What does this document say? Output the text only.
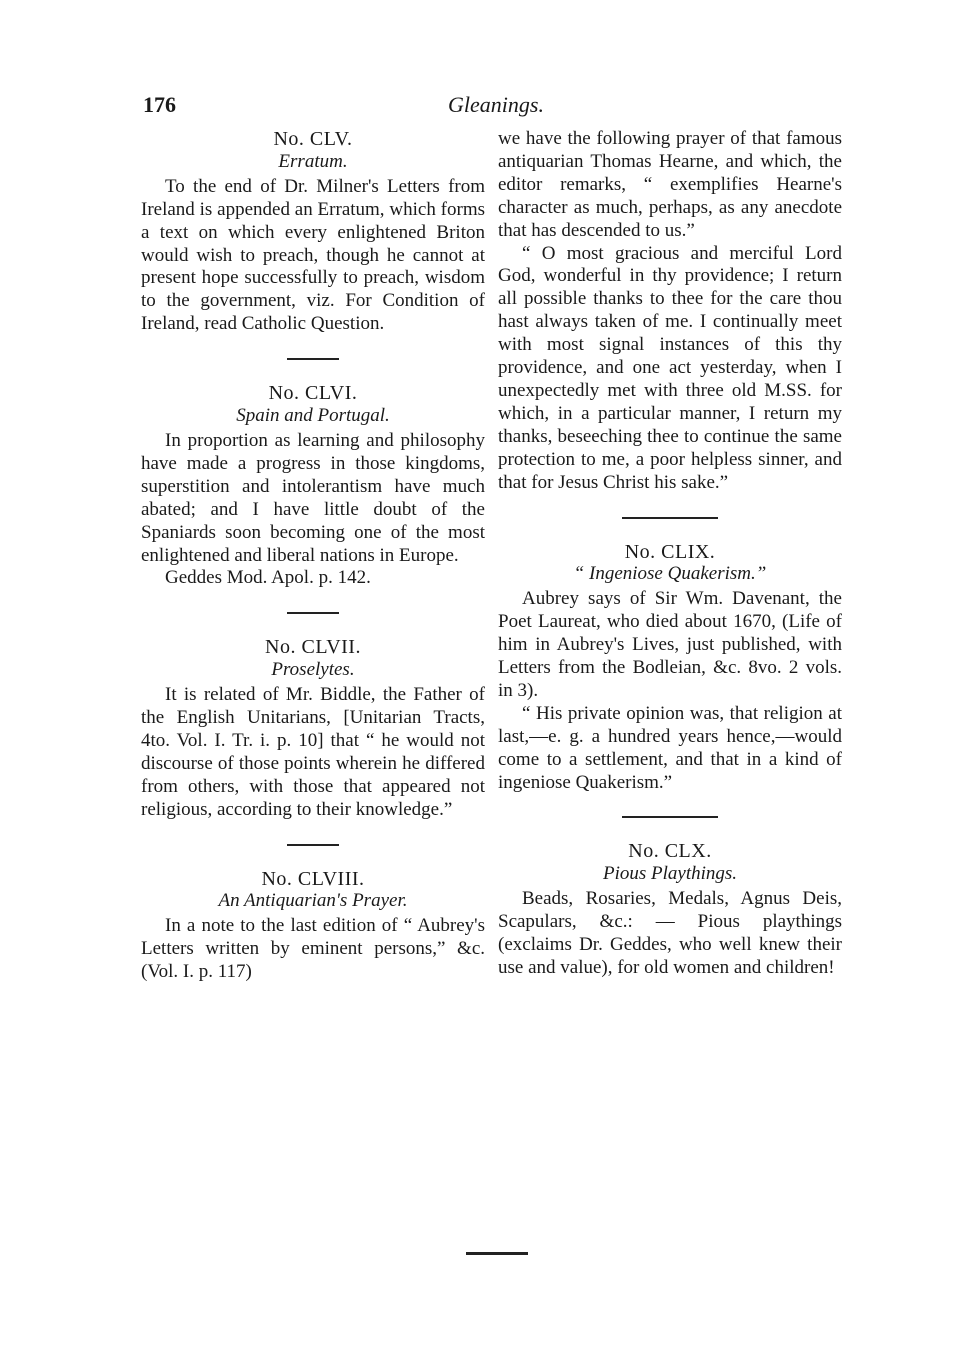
176	Gleanings.

No. CLV.

Erratum.

To the end of Dr. Milner's Letters from Ireland is appended an Erratum, which forms a text on which every enlightened Briton would wish to preach, though he cannot at present hope successfully to preach, wisdom to the government, viz. For Condition of Ireland, read Catholic Question.

No. CLVI.

Spain and Portugal.

In proportion as learning and philosophy have made a progress in those kingdoms, superstition and intolerantism have much abated; and I have little doubt of the Spaniards soon becoming one of the most enlightened and liberal nations in Europe.

Geddes Mod. Apol. p. 142.

No. CLVII.

Proselytes.

It is related of Mr. Biddle, the Father of the English Unitarians, [Unitarian Tracts, 4to. Vol. I. Tr. i. p. 10] that “ he would not discourse of those points wherein he differed from others, with those that appeared not religious, according to their knowledge.”

No. CLVIII.

An Antiquarian's Prayer.

In a note to the last edition of “ Aubrey's Letters written by eminent persons,” &c. (Vol. I. p. 117)

we have the following prayer of that famous antiquarian Thomas Hearne, and which, the editor remarks, “ exemplifies Hearne's character as much, perhaps, as any anecdote that has descended to us.”

“ O most gracious and merciful Lord God, wonderful in thy providence; I return all possible thanks to thee for the care thou hast always taken of me. I continually meet with most signal instances of this thy providence, and one act yesterday, when I unexpectedly met with three old M.SS. for which, in a particular manner, I return my thanks, beseeching thee to continue the same protection to me, a poor helpless sinner, and that for Jesus Christ his sake.”

No. CLIX.

“ Ingeniose Quakerism.”

Aubrey says of Sir Wm. Davenant, the Poet Laureat, who died about 1670, (Life of him in Aubrey's Lives, just published, with Letters from the Bodleian, &c. 8vo. 2 vols. in 3).

“ His private opinion was, that religion at last,—e. g. a hundred years hence,—would come to a settlement, and that in a kind of ingeniose Quakerism.”

No. CLX.

Pious Playthings.

Beads, Rosaries, Medals, Agnus Deis, Scapulars, &c.: — Pious playthings (exclaims Dr. Geddes, who well knew their use and value), for old women and children!
